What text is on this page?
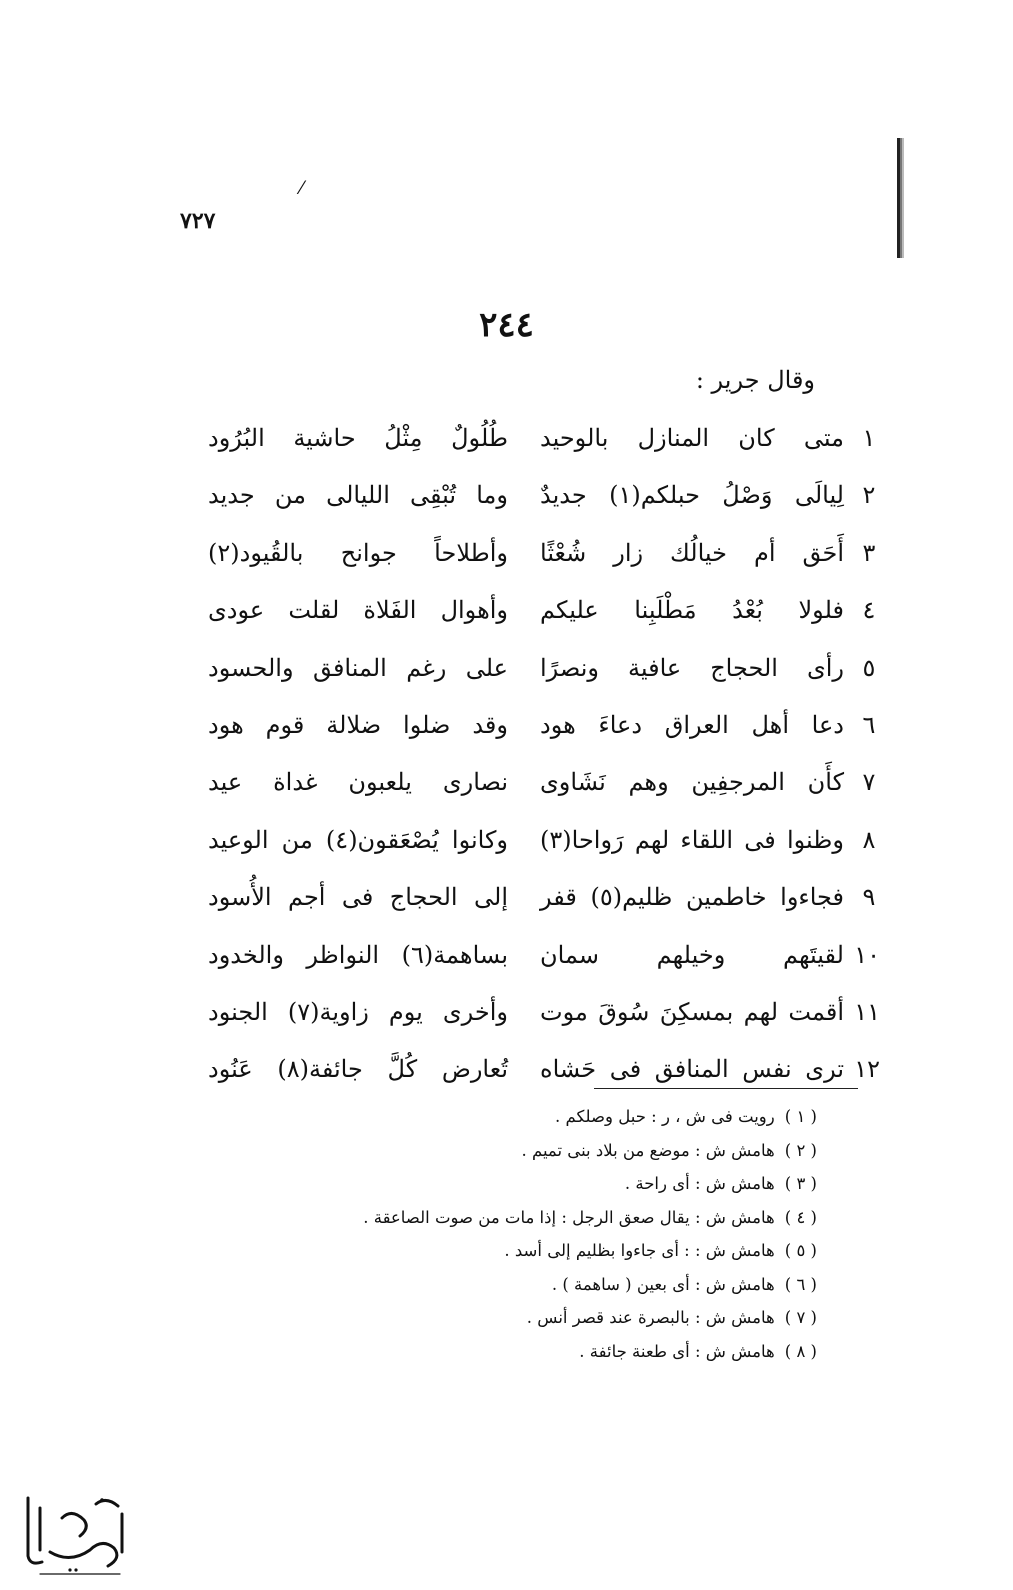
⁄
٧٢٧
٢٤٤
وقال جرير :
١
متى كان المنازل بالوحيد
طُلُولٌ مِثْلُ حاشية البُرُود
٢
لِيالَى وَصْلُ حبلكم(١) جديدٌ
وما تُبْقِى الليالى من جديد
٣
أَحَق أم خيالُك زار شُعْثًا
وأطلاحاً جوانح بالقُيود(٢)
٤
فلولا بُعْدُ مَطْلَبِنا عليكم
وأهوال الفَلاة لقلت عودى
٥
رأى الحجاج عافية ونصرًا
على رغم المنافق والحسود
٦
دعا أهل العراق دعاءَ هود
وقد ضلوا ضلالة قوم هود
٧
كأَن المرجفِين وهم نَشَاوى
نصارى يلعبون غداة عيد
٨
وظنوا فى اللقاء لهم رَواحا(٣)
وكانوا يُصْعَقون(٤) من الوعيد
٩
فجاءوا خاطمين ظليم(٥) قفر
إلى الحجاج فى أجم الأُسود
١٠
لقيتَهم وخيلهم سمان
بساهمة(٦) النواظر والخدود
١١
أقمت لهم بمسكِنَ سُوقَ موت
وأخرى يوم زاوية(٧) الجنود
١٢
ترى نفس المنافق فى حَشاه
تُعارض كُلَّ جائفة(٨) عَنُود
( ١ )رويت فى ش ، ر : حبل وصلكم .
( ٢ )هامش ش : موضع من بلاد بنى تميم .
( ٣ )هامش ش : أى راحة .
( ٤ )هامش ش : يقال صعق الرجل : إذا مات من صوت الصاعقة .
( ٥ )هامش ش : : أى جاءوا بظليم إلى أسد .
( ٦ )هامش ش : أى بعين ( ساهمة ) .
( ٧ )هامش ش : بالبصرة عند قصر أنس .
( ٨ )هامش ش : أى طعنة جائفة .
